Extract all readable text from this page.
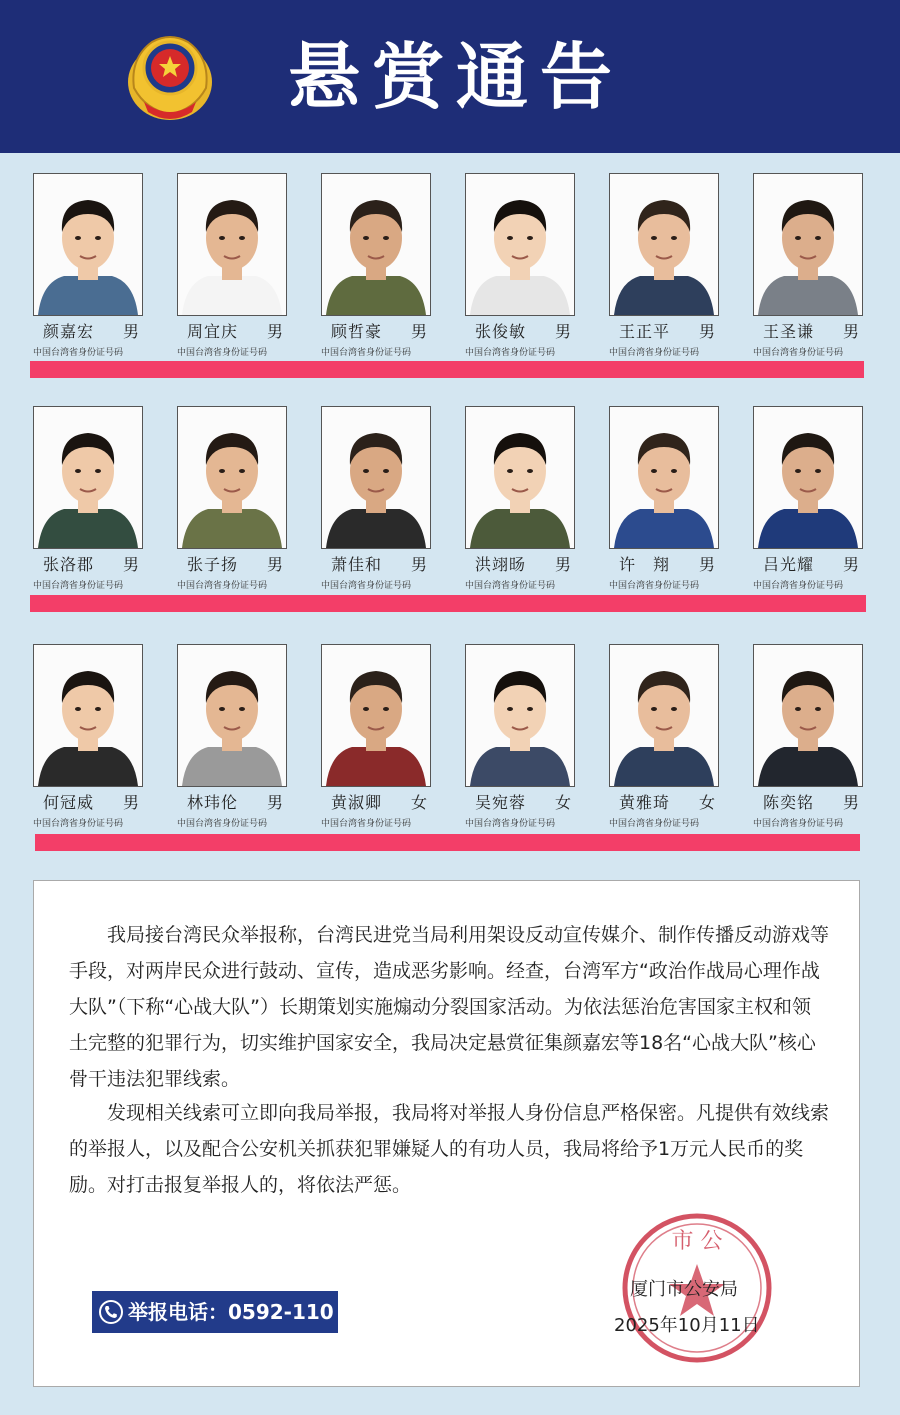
悬赏通告
颜嘉宏 男
中国台湾省身份证号码
周宜庆 男
中国台湾省身份证号码
顾哲豪 男
中国台湾省身份证号码
张俊敏 男
中国台湾省身份证号码
王正平 男
中国台湾省身份证号码
王圣谦 男
中国台湾省身份证号码
张洛郡 男
中国台湾省身份证号码
张子扬 男
中国台湾省身份证号码
萧佳和 男
中国台湾省身份证号码
洪翊旸 男
中国台湾省身份证号码
许　翔 男
中国台湾省身份证号码
吕光耀 男
中国台湾省身份证号码
何冠威 男
中国台湾省身份证号码
林玮伦 男
中国台湾省身份证号码
黄淑卿 女
中国台湾省身份证号码
吴宛蓉 女
中国台湾省身份证号码
黄雅琦 女
中国台湾省身份证号码
陈奕铭 男
中国台湾省身份证号码

我局接台湾民众举报称，台湾民进党当局利用架设反动宣传媒介、制作传播反动游戏等手段，对两岸民众进行鼓动、宣传，造成恶劣影响。经查，台湾军方“政治作战局心理作战大队”（下称“心战大队”）长期策划实施煽动分裂国家活动。为依法惩治危害国家主权和领土完整的犯罪行为，切实维护国家安全，我局决定悬赏征集颜嘉宏等18名“心战大队”核心骨干违法犯罪线索。

发现相关线索可立即向我局举报，我局将对举报人身份信息严格保密。凡提供有效线索的举报人，以及配合公安机关抓获犯罪嫌疑人的有功人员，我局将给予1万元人民币的奖励。对打击报复举报人的，将依法严惩。

举报电话：0592-110
市 公
厦门市公安局
2025年10月11日
